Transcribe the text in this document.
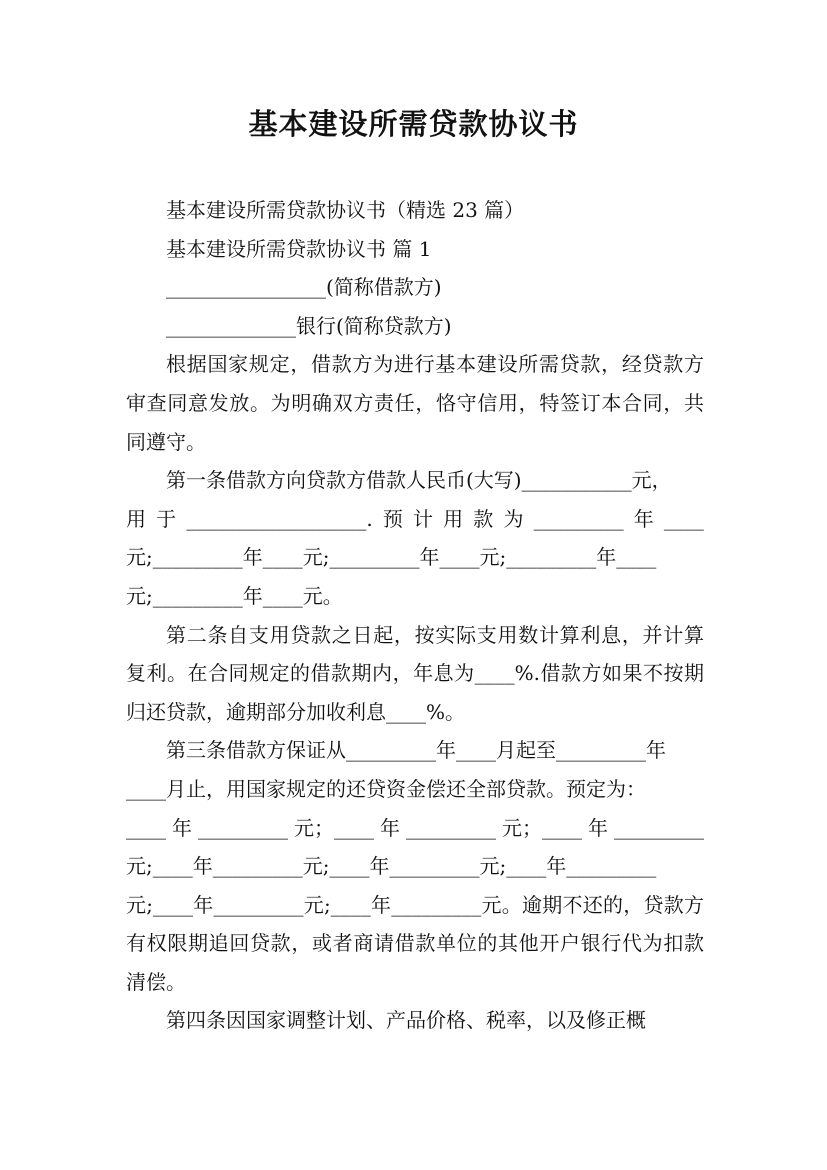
基本建设所需贷款协议书

基本建设所需贷款协议书（精选 23 篇）

基本建设所需贷款协议书 篇 1

________________(简称借款方)

_____________银行(简称贷款方)

根据国家规定，借款方为进行基本建设所需贷款，经贷款方审查同意发放。为明确双方责任，恪守信用，特签订本合同，共同遵守。

第一条借款方向贷款方借款人民币(大写)___________元，

用 于 __________________. 预 计 用 款 为 _________ 年 ____

元;_________年____元;_________年____元;_________年____

元;_________年____元。

第二条自支用贷款之日起，按实际支用数计算利息，并计算复利。在合同规定的借款期内，年息为____%.借款方如果不按期归还贷款，逾期部分加收利息____%。

第三条借款方保证从_________年____月起至_________年

____月止，用国家规定的还贷资金偿还全部贷款。预定为：

____ 年 _________ 元；____ 年 _________ 元；____ 年 _________

元;____年_________元;____年_________元;____年_________

元;____年_________元;____年_________元。逾期不还的，贷款方有权限期追回贷款，或者商请借款单位的其他开户银行代为扣款清偿。

第四条因国家调整计划、产品价格、税率，以及修正概
